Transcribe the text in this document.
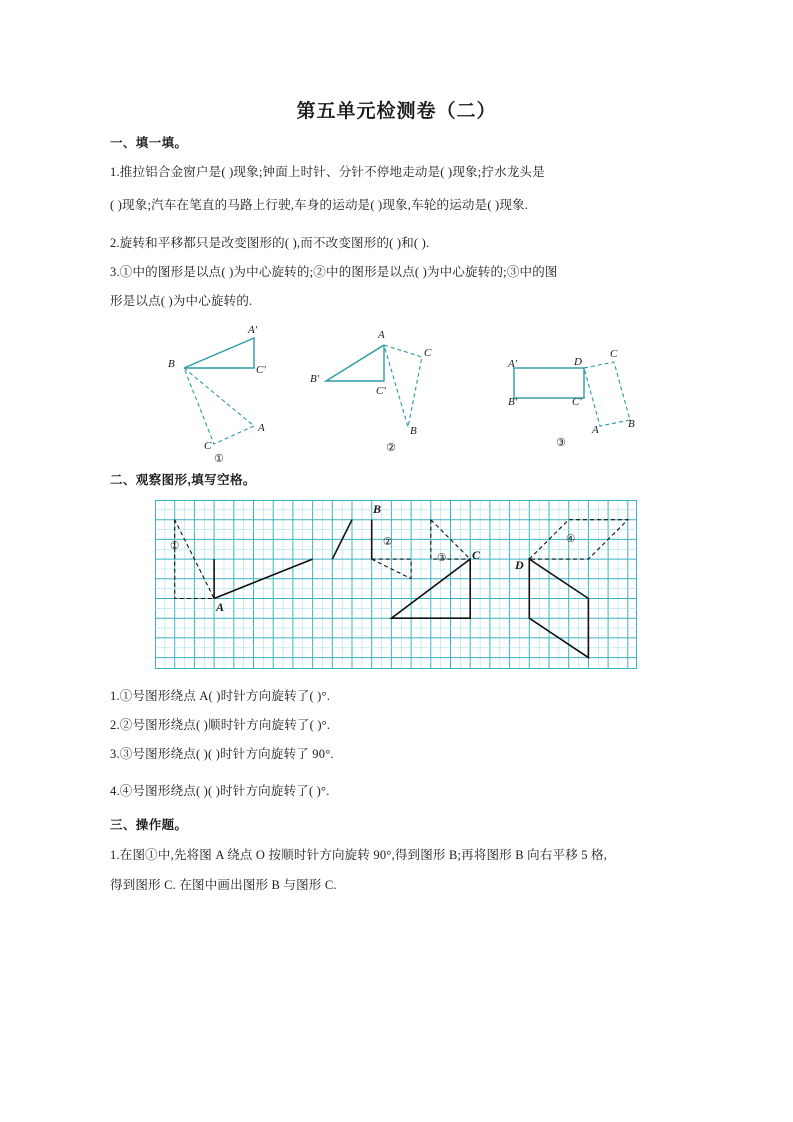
第五单元检测卷（二）
一、填一填。
1.推拉铝合金窗户是( )现象;钟面上时针、分针不停地走动是( )现象;拧水龙头是
( )现象;汽车在笔直的马路上行驶,车身的运动是( )现象,车轮的运动是( )现象.
2.旋转和平移都只是改变图形的( ),而不改变图形的( )和( ).
3.①中的图形是以点( )为中心旋转的;②中的图形是以点( )为中心旋转的;③中的图
形是以点( )为中心旋转的.
A'
B	C'
A
C
①
A
C
B'
C'
B
②
A'	D
C
B'	C'
A	B
③
二、观察图形,填写空格。
①	②
③
④
A
B
C
D
1.①号图形绕点 A( )时针方向旋转了( )°.
2.②号图形绕点( )顺时针方向旋转了( )°.
3.③号图形绕点( )( )时针方向旋转了 90°.
4.④号图形绕点( )( )时针方向旋转了( )°.
三、操作题。
1.在图①中,先将图 A 绕点 O 按顺时针方向旋转 90°,得到图形 B;再将图形 B 向右平移 5 格,
得到图形 C. 在图中画出图形 B 与图形 C.
